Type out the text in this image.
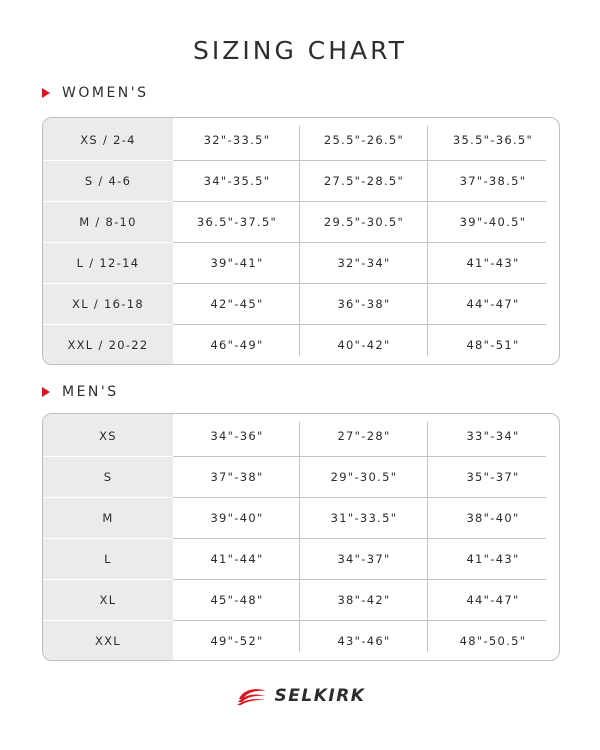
SIZING CHART
WOMEN'S
XS / 2-4	32"-33.5"	25.5"-26.5"	35.5"-36.5"
S / 4-6	34"-35.5"	27.5"-28.5"	37"-38.5"
M / 8-10	36.5"-37.5"	29.5"-30.5"	39"-40.5"
L / 12-14	39"-41"	32"-34"	41"-43"
XL / 16-18	42"-45"	36"-38"	44"-47"
XXL / 20-22	46"-49"	40"-42"	48"-51"
MEN'S
XS	34"-36"	27"-28"	33"-34"
S	37"-38"	29"-30.5"	35"-37"
M	39"-40"	31"-33.5"	38"-40"
L	41"-44"	34"-37"	41"-43"
XL	45"-48"	38"-42"	44"-47"
XXL	49"-52"	43"-46"	48"-50.5"
SELKIRK
